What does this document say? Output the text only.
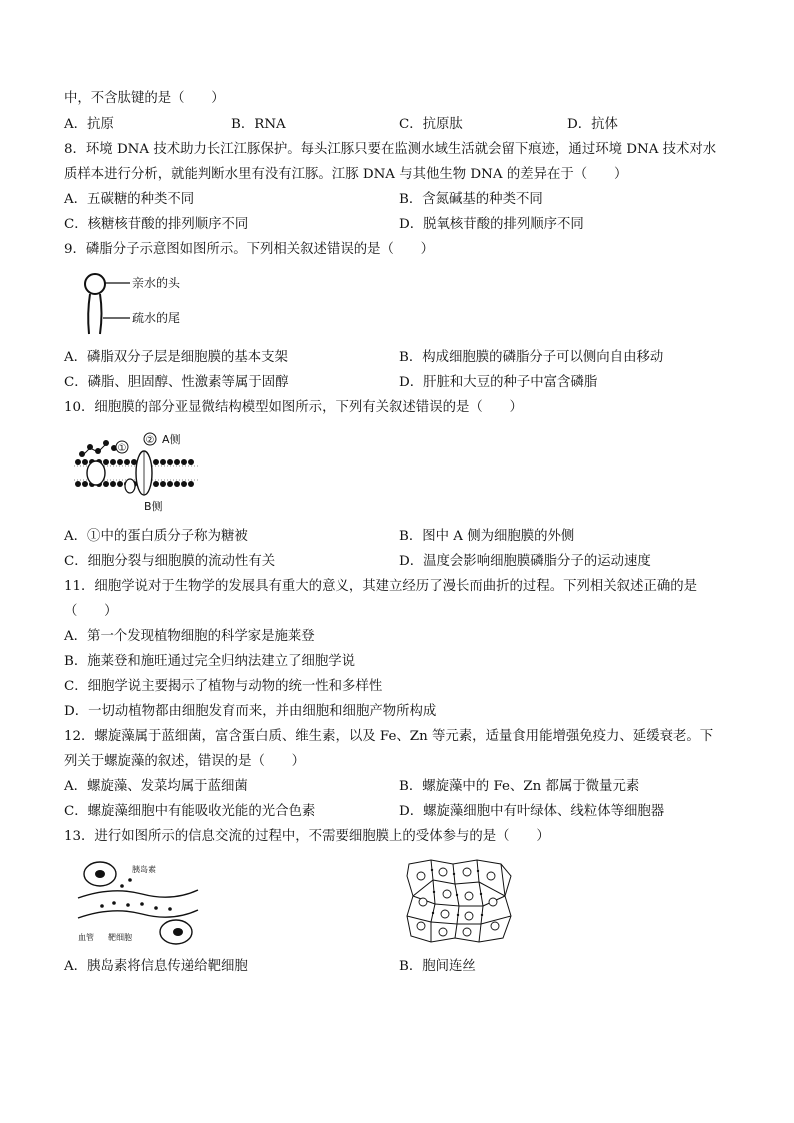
中，不含肽键的是（　　）
A．抗原	B．RNA	C．抗原肽	D．抗体
8．环境 DNA 技术助力长江江豚保护。每头江豚只要在监测水域生活就会留下痕迹，通过环境 DNA 技术对水
质样本进行分析，就能判断水里有没有江豚。江豚 DNA 与其他生物 DNA 的差异在于（　　）
A．五碳糖的种类不同	B．含氮碱基的种类不同
C．核糖核苷酸的排列顺序不同	D．脱氧核苷酸的排列顺序不同
9．磷脂分子示意图如图所示。下列相关叙述错误的是（　　）
亲水的头
疏水的尾
A．磷脂双分子层是细胞膜的基本支架	B．构成细胞膜的磷脂分子可以侧向自由移动
C．磷脂、胆固醇、性激素等属于固醇	D．肝脏和大豆的种子中富含磷脂
10．细胞膜的部分亚显微结构模型如图所示，下列有关叙述错误的是（　　）
①
② A侧
B侧
A．①中的蛋白质分子称为糖被	B．图中 A 侧为细胞膜的外侧
C．细胞分裂与细胞膜的流动性有关	D．温度会影响细胞膜磷脂分子的运动速度
11．细胞学说对于生物学的发展具有重大的意义，其建立经历了漫长而曲折的过程。下列相关叙述正确的是
（　　）
A．第一个发现植物细胞的科学家是施莱登
B．施莱登和施旺通过完全归纳法建立了细胞学说
C．细胞学说主要揭示了植物与动物的统一性和多样性
D．一切动植物都由细胞发育而来，并由细胞和细胞产物所构成
12．螺旋藻属于蓝细菌，富含蛋白质、维生素，以及 Fe、Zn 等元素，适量食用能增强免疫力、延缓衰老。下
列关于螺旋藻的叙述，错误的是（　　）
A．螺旋藻、发菜均属于蓝细菌	B．螺旋藻中的 Fe、Zn 都属于微量元素
C．螺旋藻细胞中有能吸收光能的光合色素	D．螺旋藻细胞中有叶绿体、线粒体等细胞器
13．进行如图所示的信息交流的过程中，不需要细胞膜上的受体参与的是（　　）
胰岛素
血管 靶细胞
A．胰岛素将信息传递给靶细胞	B．胞间连丝
